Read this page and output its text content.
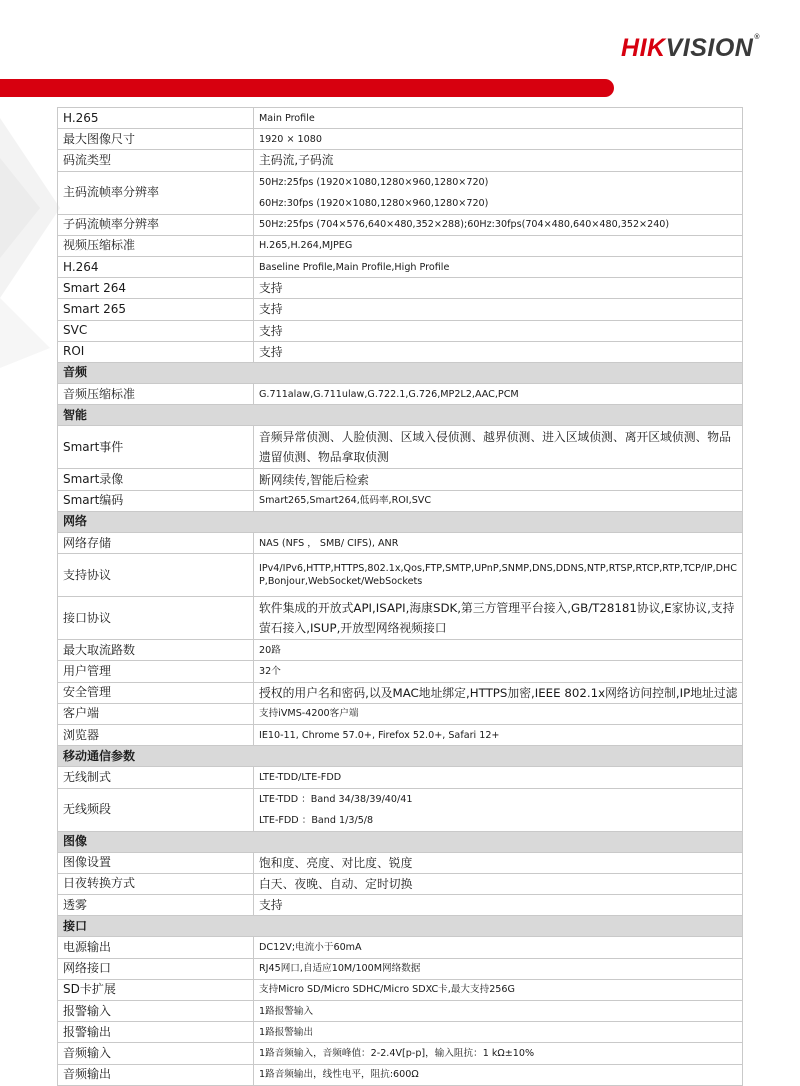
HIKVISION®
H.265	Main Profile
最大图像尺寸	1920 × 1080
码流类型	主码流,子码流
主码流帧率分辨率	50Hz:25fps (1920×1080,1280×960,1280×720)
60Hz:30fps (1920×1080,1280×960,1280×720)

子码流帧率分辨率	50Hz:25fps (704×576,640×480,352×288);60Hz:30fps(704×480,640×480,352×240)
视频压缩标准	H.265,H.264,MJPEG
H.264	Baseline Profile,Main Profile,High Profile
Smart 264	支持
Smart 265	支持
SVC	支持
ROI	支持
音频	
音频压缩标准	G.711alaw,G.711ulaw,G.722.1,G.726,MP2L2,AAC,PCM
智能	
Smart事件	音频异常侦测、人脸侦测、区域入侵侦测、越界侦测、进入区域侦测、离开区域侦测、物品遗留侦测、物品拿取侦测
Smart录像	断网续传,智能后检索
Smart编码	Smart265,Smart264,低码率,ROI,SVC
网络	
网络存储	NAS (NFS ， SMB/ CIFS), ANR
支持协议	IPv4/IPv6,HTTP,HTTPS,802.1x,Qos,FTP,SMTP,UPnP,SNMP,DNS,DDNS,NTP,RTSP,RTCP,RTP,TCP/IP,DHCP,Bonjour,WebSocket/WebSockets
接口协议	软件集成的开放式API,ISAPI,海康SDK,第三方管理平台接入,GB/T28181协议,E家协议,支持萤石接入,ISUP,开放型网络视频接口
最大取流路数	20路
用户管理	32个
安全管理	授权的用户名和密码,以及MAC地址绑定,HTTPS加密,IEEE 802.1x网络访问控制,IP地址过滤
客户端	支持iVMS-4200客户端
浏览器	IE10-11, Chrome 57.0+, Firefox 52.0+, Safari 12+
移动通信参数	
无线制式	LTE-TDD/LTE-FDD
无线频段	LTE-TDD ：Band 34/38/39/40/41
LTE-FDD ：Band 1/3/5/8

图像	
图像设置	饱和度、亮度、对比度、锐度
日夜转换方式	白天、夜晚、自动、定时切换
透雾	支持
接口	
电源输出	DC12V;电流小于60mA
网络接口	RJ45网口,自适应10M/100M网络数据
SD卡扩展	支持Micro SD/Micro SDHC/Micro SDXC卡,最大支持256G
报警输入	1路报警输入
报警输出	1路报警输出
音频输入	1路音频输入，音频峰值：2-2.4V[p-p]，输入阻抗：1 kΩ±10%
音频输出	1路音频输出，线性电平，阻抗:600Ω
